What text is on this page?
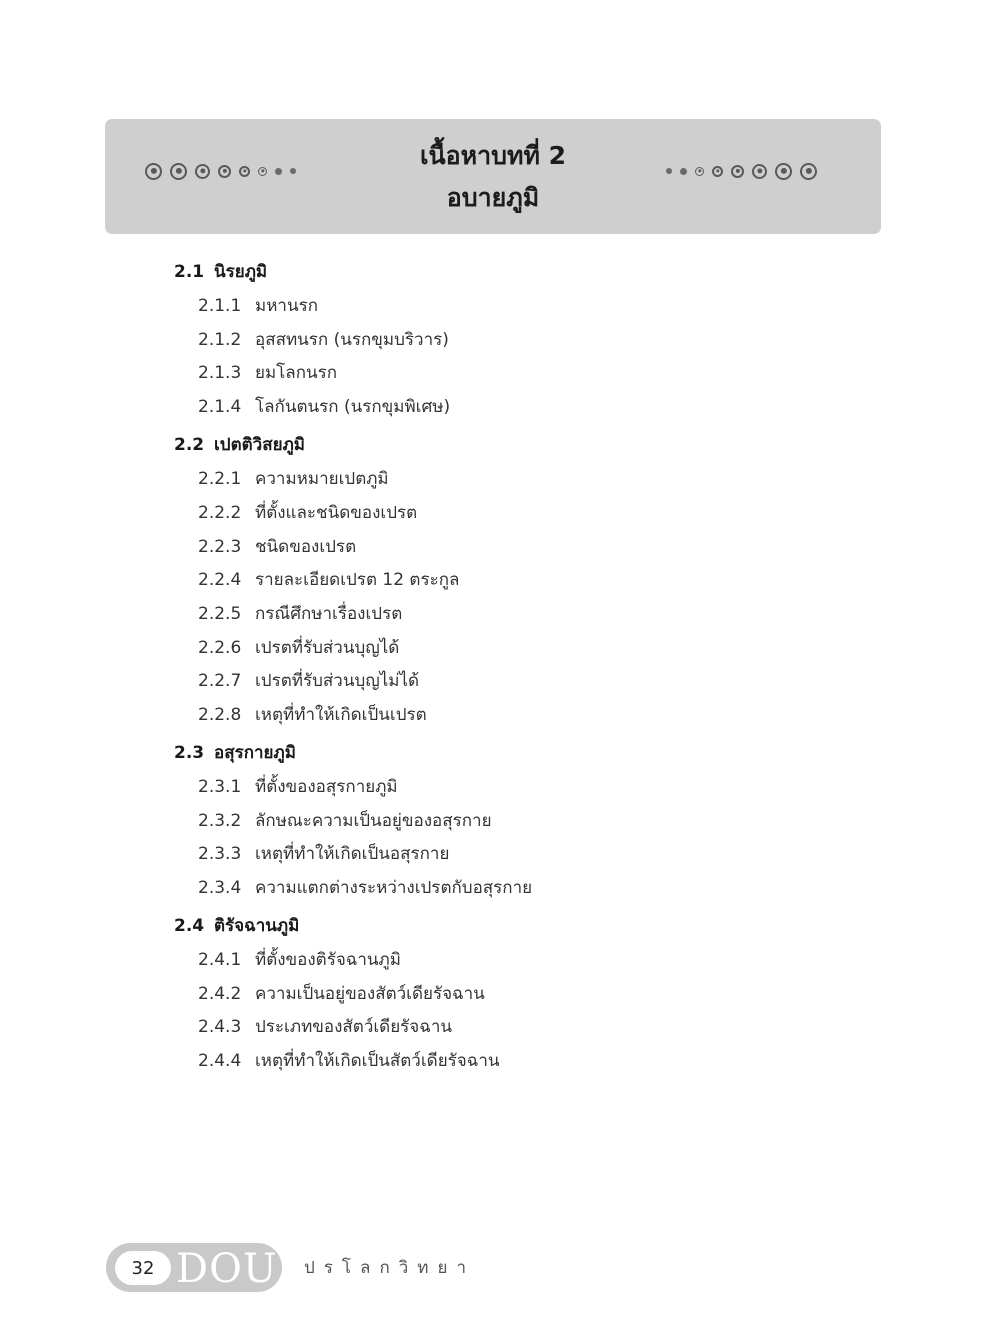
เนื้อหาบทที่ 2
อบายภูมิ
2.1 นิรยภูมิ
2.1.1 มหานรก
2.1.2 อุสสทนรก (นรกขุมบริวาร)
2.1.3 ยมโลกนรก
2.1.4 โลกันตนรก (นรกขุมพิเศษ)
2.2 เปตติวิสยภูมิ
2.2.1 ความหมายเปตภูมิ
2.2.2 ที่ตั้งและชนิดของเปรต
2.2.3 ชนิดของเปรต
2.2.4 รายละเอียดเปรต 12 ตระกูล
2.2.5 กรณีศึกษาเรื่องเปรต
2.2.6 เปรตที่รับส่วนบุญได้
2.2.7 เปรตที่รับส่วนบุญไม่ได้
2.2.8 เหตุที่ทำให้เกิดเป็นเปรต
2.3 อสุรกายภูมิ
2.3.1 ที่ตั้งของอสุรกายภูมิ
2.3.2 ลักษณะความเป็นอยู่ของอสุรกาย
2.3.3 เหตุที่ทำให้เกิดเป็นอสุรกาย
2.3.4 ความแตกต่างระหว่างเปรตกับอสุรกาย
2.4 ติรัจฉานภูมิ
2.4.1 ที่ตั้งของติรัจฉานภูมิ
2.4.2 ความเป็นอยู่ของสัตว์เดียรัจฉาน
2.4.3 ประเภทของสัตว์เดียรัจฉาน
2.4.4 เหตุที่ทำให้เกิดเป็นสัตว์เดียรัจฉาน
32 DOU ปรโลกวิทยา
